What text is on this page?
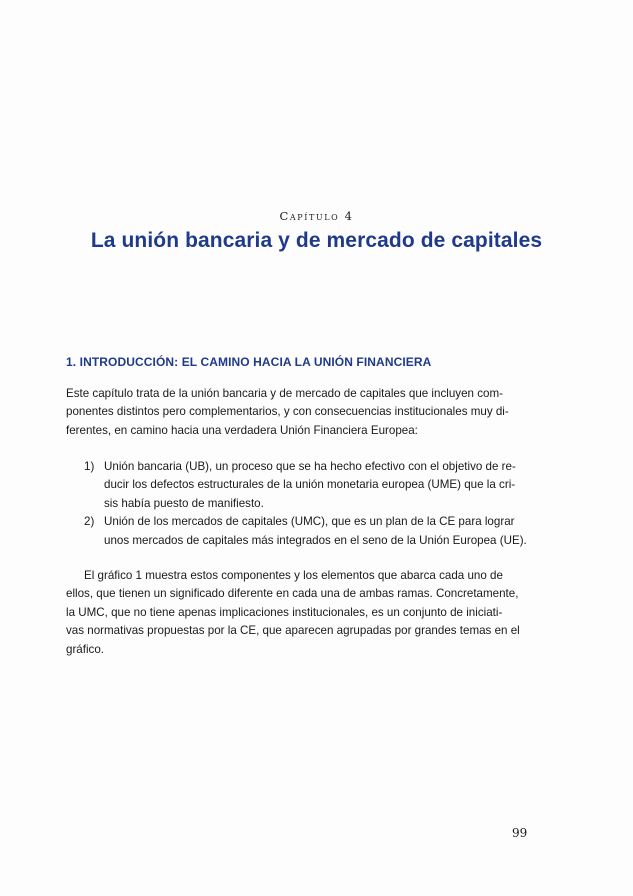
Capítulo 4
La unión bancaria y de mercado de capitales
1. INTRODUCCIÓN: EL CAMINO HACIA LA UNIÓN FINANCIERA
Este capítulo trata de la unión bancaria y de mercado de capitales que incluyen com-
ponentes distintos pero complementarios, y con consecuencias institucionales muy di-
ferentes, en camino hacia una verdadera Unión Financiera Europea:
1) Unión bancaria (UB), un proceso que se ha hecho efectivo con el objetivo de re-
ducir los defectos estructurales de la unión monetaria europea (UME) que la cri-
sis había puesto de manifiesto.
2) Unión de los mercados de capitales (UMC), que es un plan de la CE para lograr
unos mercados de capitales más integrados en el seno de la Unión Europea (UE).
El gráfico 1 muestra estos componentes y los elementos que abarca cada uno de
ellos, que tienen un significado diferente en cada una de ambas ramas. Concretamente,
la UMC, que no tiene apenas implicaciones institucionales, es un conjunto de iniciati-
vas normativas propuestas por la CE, que aparecen agrupadas por grandes temas en el
gráfico.
99
